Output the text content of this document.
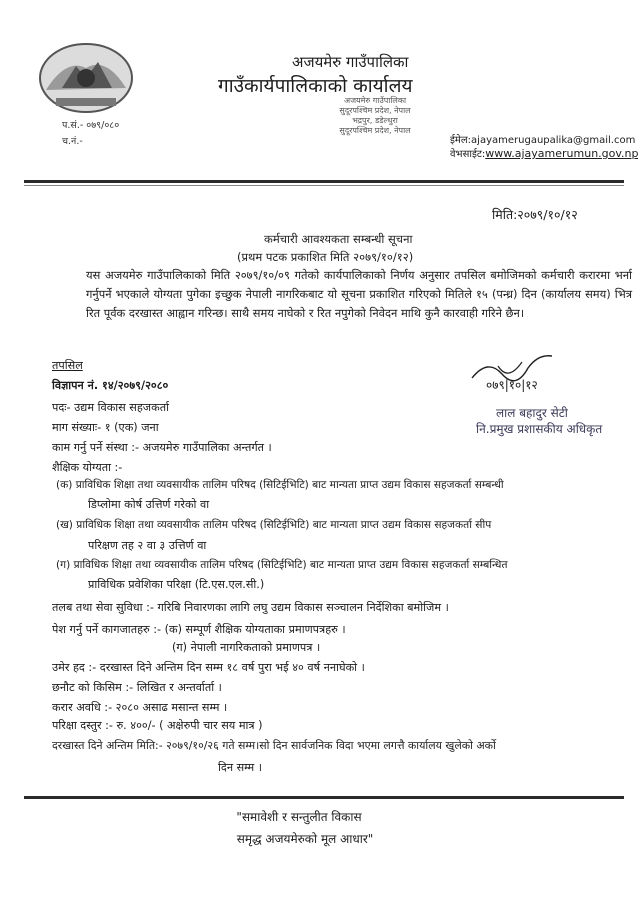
अजयमेरु गाउँपालिका
गाउँकार्यपालिकाको कार्यालय
अजयमेरु गाउँपालिका
सुदूरपश्चिम प्रदेश, नेपाल
भद्रपुर, डडेल्धुरा
सुदूरपश्चिम प्रदेश, नेपाल
प.सं.- ०७९/०८०
च.नं.-	ईमेल:ajayamerugaupalika@gmail.com
वेभसाईट:www.ajayamerumun.gov.np
मिति:२०७९/१०/१२
कर्मचारी आवश्यकता सम्बन्धी सूचना
(प्रथम पटक प्रकाशित मिति २०७९/१०/१२)
यस अजयमेरु गाउँपालिकाको मिति २०७९/१०/०९ गतेको कार्यपालिकाको निर्णय अनुसार तपसिल बमोजिमको कर्मचारी करारमा भर्ना गर्नुपर्ने भएकाले योग्यता पुगेका इच्छुक नेपाली नागरिकबाट यो सूचना प्रकाशित गरिएको मितिले १५ (पन्ध्र) दिन (कार्यालय समय) भित्र रित पूर्वक दरखास्त आह्वान गरिन्छ। साथै समय नाघेको र रित नपुगेको निवेदन माथि कुनै कारवाही गरिने छैन।
तपसिल
विज्ञापन नं. १४/२०७९/२०८०
पदः- उद्यम विकास सहजकर्ता
माग संख्याः- १ (एक) जना
काम गर्नु पर्ने संस्था :- अजयमेरु गाउँपालिका अन्तर्गत ।
शैक्षिक योग्यता :-
(क) प्राविधिक शिक्षा तथा व्यवसायीक तालिम परिषद (सिटिईभिटि) बाट मान्यता प्राप्त उद्यम विकास सहजकर्ता सम्बन्धी
डिप्लोमा कोर्ष उत्तिर्ण गरेको वा
(ख) प्राविधिक शिक्षा तथा व्यवसायीक तालिम परिषद (सिटिईभिटि) बाट मान्यता प्राप्त उद्यम विकास सहजकर्ता सीप
परिक्षण तह २ वा ३ उत्तिर्ण वा
(ग) प्राविधिक शिक्षा तथा व्यवसायीक तालिम परिषद (सिटिईभिटि) बाट मान्यता प्राप्त उद्यम विकास सहजकर्ता सम्बन्धित
प्राविधिक प्रवेशिका परिक्षा (टि.एस.एल.सी.)
तलब तथा सेवा सुविधा :- गरिबि निवारणका लागि लघु उद्यम विकास सञ्चालन निर्देशिका बमोजिम ।
पेश गर्नु पर्ने कागजातहरु :- (क) सम्पूर्ण शैक्षिक योग्यताका प्रमाणपत्रहरु ।
(ग) नेपाली नागरिकताको प्रमाणपत्र ।
उमेर हद :- दरखास्त दिने अन्तिम दिन सम्म १८ वर्ष पुरा भई ४० वर्ष ननाघेको ।
छनौट को किसिम :- लिखित र अन्तर्वार्ता ।
करार अवधि :- २०८० असाढ मसान्त सम्म ।
परिक्षा दस्तुर :- रु. ४००/- ( अक्षेरुपी चार सय मात्र )
दरखास्त दिने अन्तिम मिति:- २०७९/१०/२६ गते सम्म।सो दिन सार्वजनिक विदा भएमा लगत्तै कार्यालय खुलेको अर्को
दिन सम्म ।
०७९|१०|१२
लाल बहादुर सेटी
नि.प्रमुख प्रशासकीय अधिकृत
"समावेशी र सन्तुलीत विकास
समृद्ध अजयमेरुको मूल आधार"
